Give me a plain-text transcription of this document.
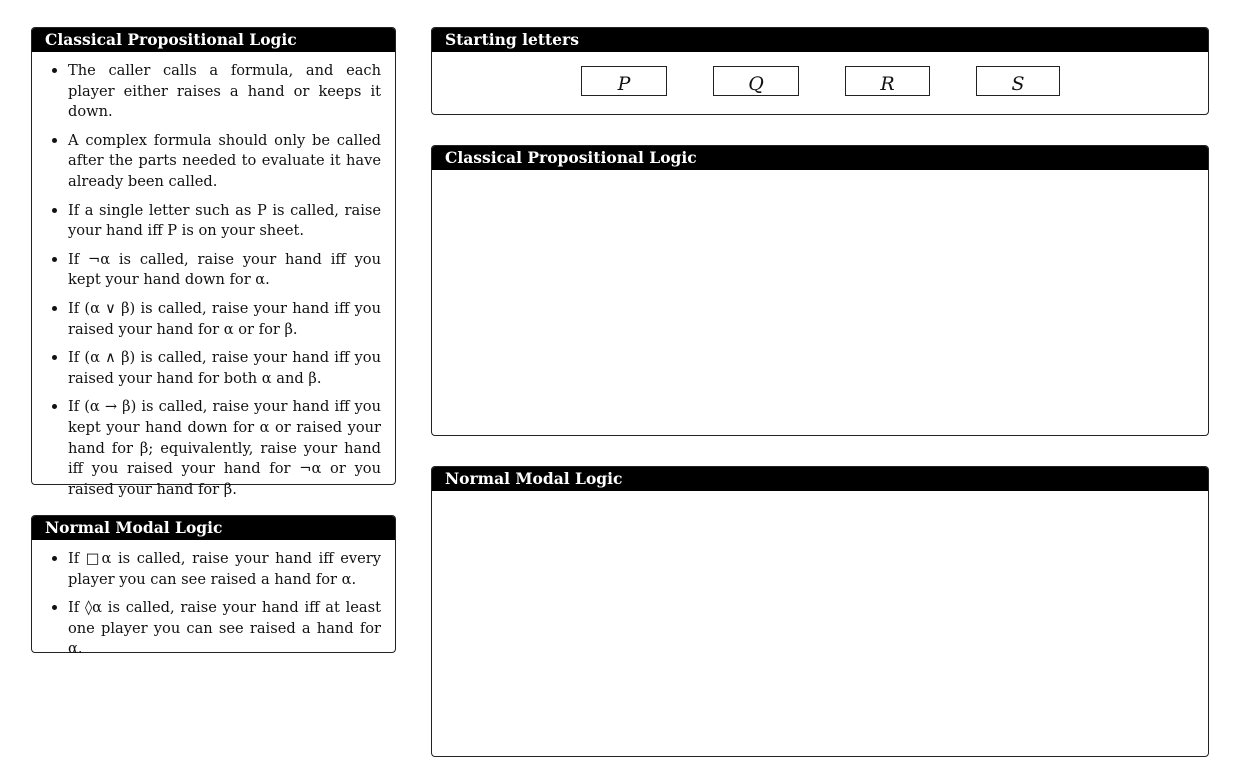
Classical Propositional Logic
• The caller calls a formula, and each player either raises a hand or keeps it down.
• A complex formula should only be called after the parts needed to evaluate it have already been called.
• If a single letter such as P is called, raise your hand iff P is on your sheet.
• If ¬α is called, raise your hand iff you kept your hand down for α.
• If (α ∨ β) is called, raise your hand iff you raised your hand for α or for β.
• If (α ∧ β) is called, raise your hand iff you raised your hand for both α and β.
• If (α → β) is called, raise your hand iff you kept your hand down for α or raised your hand for β; equivalently, raise your hand iff you raised your hand for ¬α or you raised your hand for β.
Normal Modal Logic
• If □α is called, raise your hand iff every player you can see raised a hand for α.
• If ◊α is called, raise your hand iff at least one player you can see raised a hand for α.
Starting letters
P	Q	R	S
Classical Propositional Logic
Normal Modal Logic
